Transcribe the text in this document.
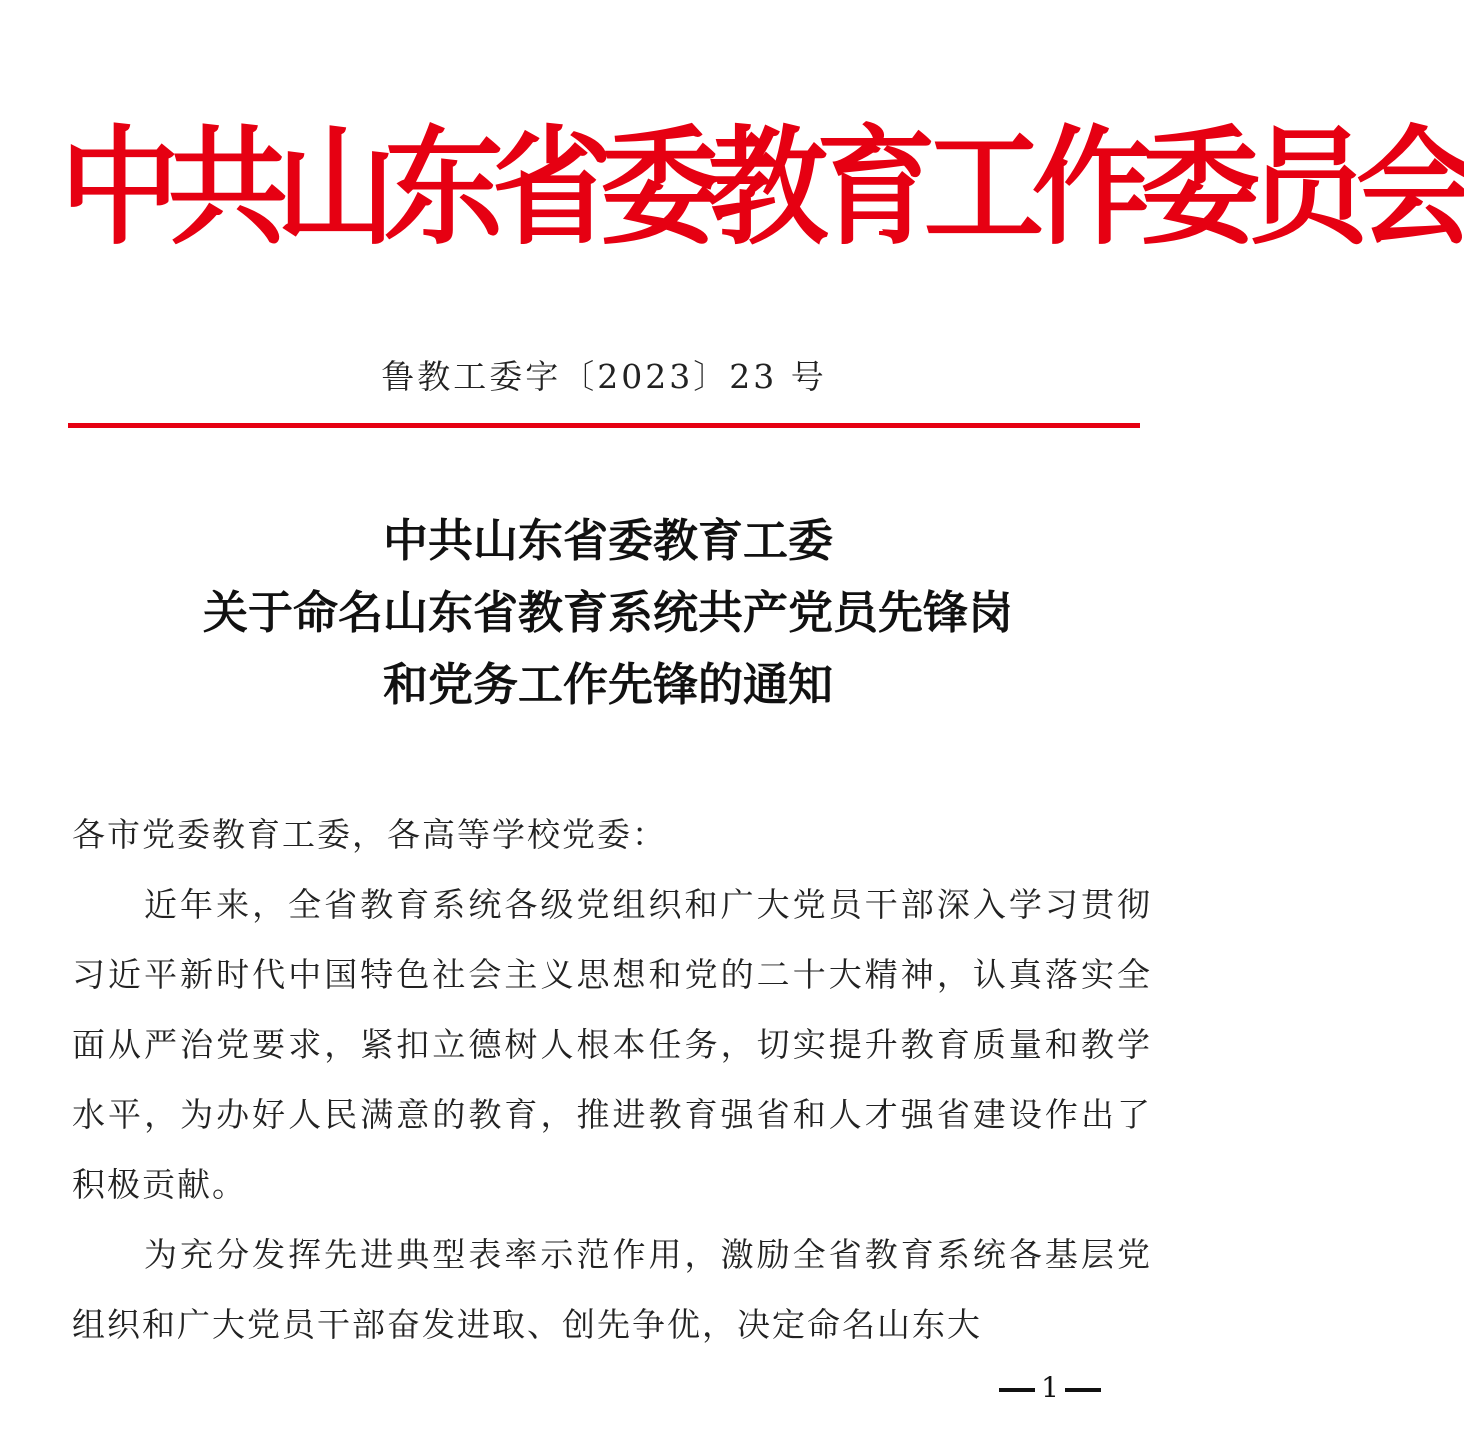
中共山东省委教育工作委员会
鲁教工委字〔2023〕23 号
中共山东省委教育工委
关于命名山东省教育系统共产党员先锋岗
和党务工作先锋的通知
各市党委教育工委，各高等学校党委：

近年来，全省教育系统各级党组织和广大党员干部深入学习贯彻习近平新时代中国特色社会主义思想和党的二十大精神，认真落实全面从严治党要求，紧扣立德树人根本任务，切实提升教育质量和教学水平，为办好人民满意的教育，推进教育强省和人才强省建设作出了积极贡献。

为充分发挥先进典型表率示范作用，激励全省教育系统各基层党组织和广大党员干部奋发进取、创先争优，决定命名山东大

1
